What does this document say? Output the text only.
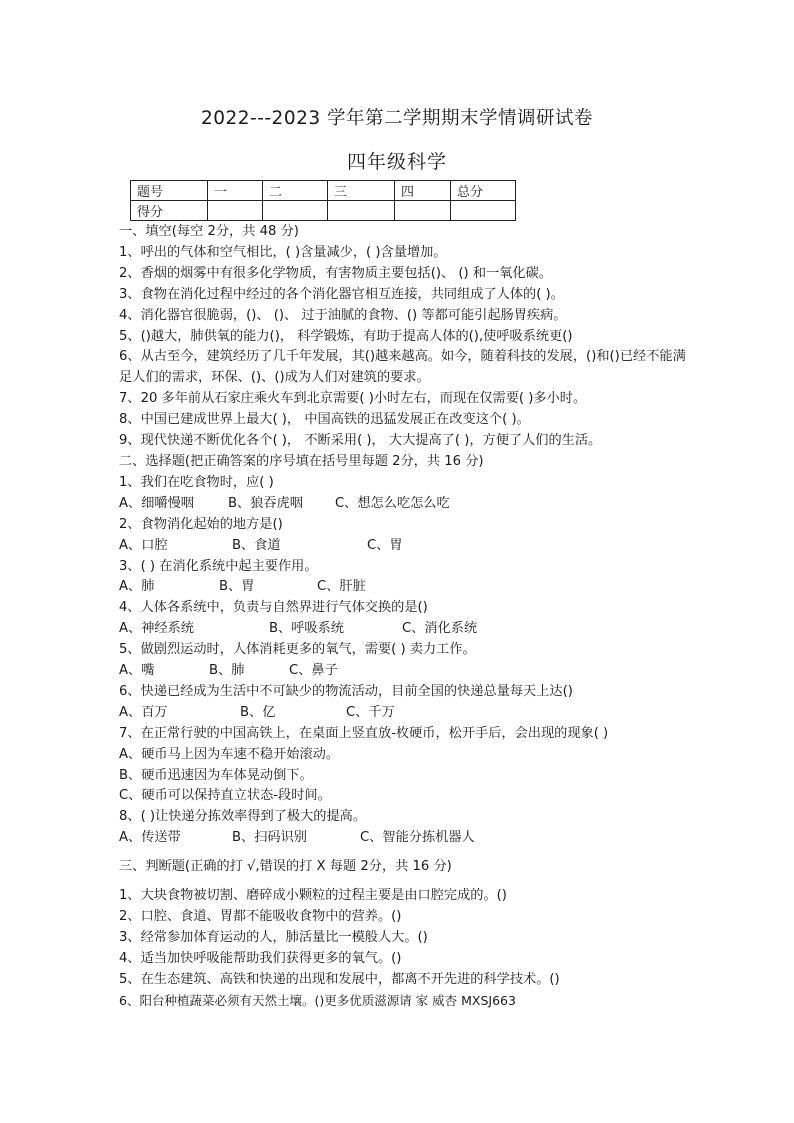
2022---2023 学年第二学期期末学情调研试卷
四年级科学
题号	一	二	三	四	总分
得分					
一、填空(每空 2分，共 48 分)
1、呼出的气体和空气相比，( )含量减少，( )含量增加。
2、香烟的烟雾中有很多化学物质，有害物质主要包括()、 () 和一氧化碳。
3、食物在消化过程中经过的各个消化器官相互连接，共同组成了人体的( )。
4、消化器官很脆弱，()、 ()、 过于油腻的食物、() 等都可能引起肠胃疾病。
5、()越大，肺供氧的能力()， 科学锻炼，有助于提高人体的(),使呼吸系统更()
6、从古至今，建筑经历了几千年发展，其()越来越高。如今，随着科技的发展，()和()已经不能满足人们的需求，环保、()、()成为人们对建筑的要求。
7、20 多年前从石家庄乘火车到北京需要( )小时左右，而现在仅需要( )多小时。
8、中国已建成世界上最大( )， 中国高铁的迅猛发展正在改变这个( )。
9、现代快递不断优化各个( )， 不断采用( )， 大大提高了( )，方便了人们的生活。
二、选择题(把正确答案的序号填在括号里每题 2分，共 16 分)
1、我们在吃食物时，应( )
A、细嚼慢咽	B、狼吞虎咽 C、想怎么吃怎么吃
2、食物消化起始的地方是()
A、口腔	B、食道	C、胃
3、( ) 在消化系统中起主要作用。
A、肺	B、胃	C、肝脏
4、人体各系统中，负责与自然界进行气体交换的是()
A、神经系统	B、呼吸系统	C、消化系统
5、做剧烈运动时，人体消耗更多的氧气，需要( ) 卖力工作。
A、嘴	B、肺	C、鼻子
6、快递已经成为生活中不可缺少的物流活动，目前全国的快递总量每天上达()
A、百万	B、亿	C、千万
7、在正常行驶的中国高铁上，在桌面上竖直放-枚硬币，松开手后，会出现的现象( )
A、硬币马上因为车速不稳开始滚动。
B、硬币迅速因为车体晃动倒下。
C、硬币可以保持直立状态-段时间。
8、( )让快递分拣效率得到了极大的提高。
A、传送带	B、扫码识别	C、智能分拣机器人
三、判断题(正确的打 √,错误的打 X 每题 2分，共 16 分)
1、大块食物被切割、磨碎成小颗粒的过程主要是由口腔完成的。()
2、口腔、食道、胃都不能吸收食物中的营养。()
3、经常参加体育运动的人，肺活量比一模般人大。()
4、适当加快呼吸能帮助我们获得更多的氧气。()
5、在生态建筑、高铁和快递的出现和发展中，都离不开先进的科学技术。()
6、阳台种植蔬菜必须有天然土壤。()更多优质滋源请 家 威杏 MXSJ663
